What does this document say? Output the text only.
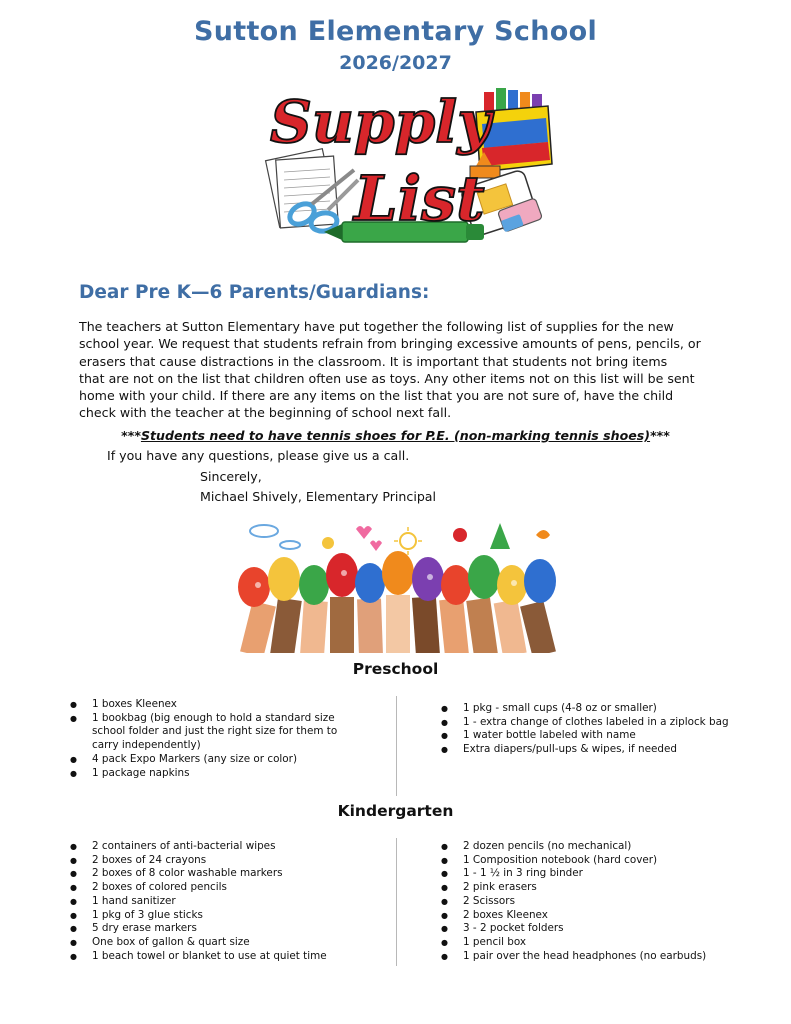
Sutton Elementary School
2026/2027
Supply
List
Dear Pre K—6 Parents/Guardians:
The teachers at Sutton Elementary have put together the following list of supplies for the new
school year. We request that students refrain from bringing excessive amounts of pens, pencils, or
erasers that cause distractions in the classroom. It is important that students not bring items
that are not on the list that children often use as toys. Any other items not on this list will be sent
home with your child. If there are any items on the list that you are not sure of, have the child
check with the teacher at the beginning of school next fall.
***Students need to have tennis shoes for P.E. (non-marking tennis shoes)***
If you have any questions, please give us a call.
Sincerely,
Michael Shively, Elementary Principal
Preschool
● 1 boxes Kleenex
● 1 bookbag (big enough to hold a standard size
school folder and just the right size for them to
carry independently)
● 4 pack Expo Markers (any size or color)
● 1 package napkins
● 1 pkg - small cups (4-8 oz or smaller)
● 1 - extra change of clothes labeled in a ziplock bag
● 1 water bottle labeled with name
● Extra diapers/pull-ups & wipes, if needed
Kindergarten
● 2 containers of anti-bacterial wipes
● 2 boxes of 24 crayons
● 2 boxes of 8 color washable markers
● 2 boxes of colored pencils
● 1 hand sanitizer
● 1 pkg of 3 glue sticks
● 5 dry erase markers
● One box of gallon & quart size
● 1 beach towel or blanket to use at quiet time
● 2 dozen pencils (no mechanical)
● 1 Composition notebook (hard cover)
● 1 - 1 ½ in 3 ring binder
● 2 pink erasers
● 2 Scissors
● 2 boxes Kleenex
● 3 - 2 pocket folders
● 1 pencil box
● 1 pair over the head headphones (no earbuds)
